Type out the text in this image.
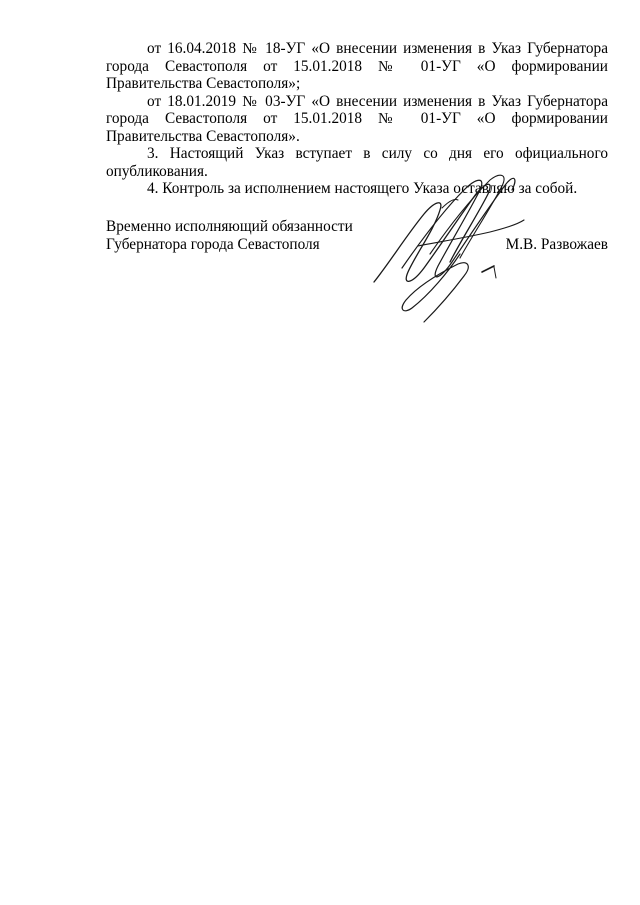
от 16.04.2018 № 18-УГ «О внесении изменения в Указ Губернатора города Севастополя от 15.01.2018 № 01-УГ «О формировании Правительства Севастополя»;

от 18.01.2019 № 03-УГ «О внесении изменения в Указ Губернатора города Севастополя от 15.01.2018 № 01-УГ «О формировании Правительства Севастополя».

3. Настоящий Указ вступает в силу со дня его официального опубликования.

4. Контроль за исполнением настоящего Указа оставляю за собой.

Временно исполняющий обязанности
Губернатора города Севастополя	М.В. Развожаев
